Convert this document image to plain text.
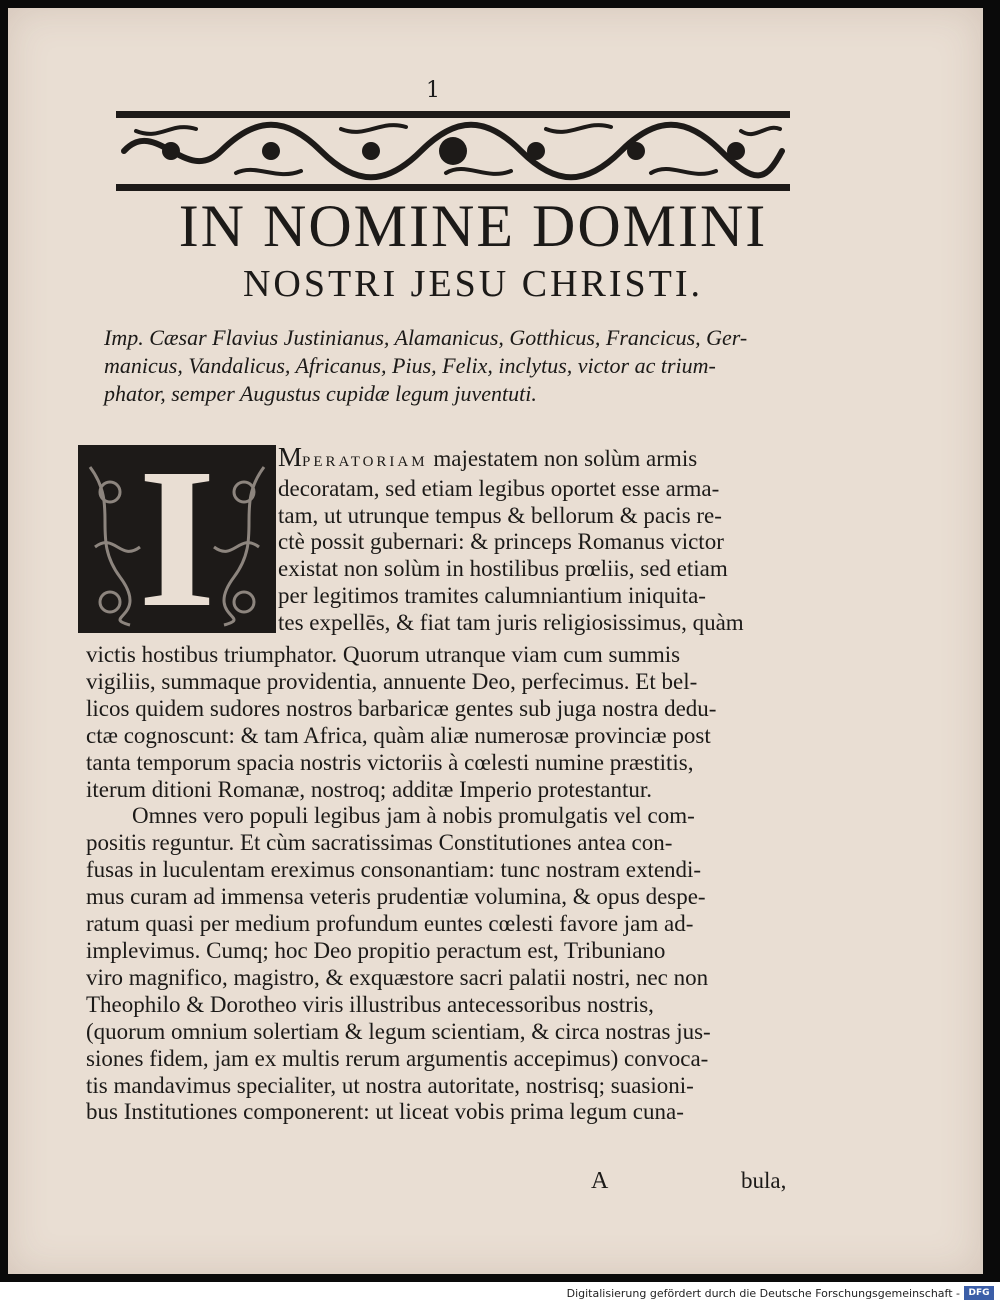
1
IN NOMINE DOMINI
NOSTRI JESU CHRISTI.
Imp. Cæsar Flavius Justinianus, Alamanicus, Gotthicus, Francicus, Ger-
manicus, Vandalicus, Africanus, Pius, Felix, inclytus, victor ac trium-
phator, semper Augustus cupidæ legum juventuti.
I	MPERATORIAM majestatem non solùm armis
decoratam, sed etiam legibus oportet esse arma-
tam, ut utrunque tempus & bellorum & pacis re-
ctè possit gubernari: & princeps Romanus victor
existat non solùm in hostilibus prœliis, sed etiam
per legitimos tramites calumniantium iniquita-
tes expellēs, & fiat tam juris religiosissimus, quàm
victis hostibus triumphator. Quorum utranque viam cum summis
vigiliis, summaque providentia, annuente Deo, perfecimus. Et bel-
licos quidem sudores nostros barbaricæ gentes sub juga nostra dedu-
ctæ cognoscunt: & tam Africa, quàm aliæ numerosæ provinciæ post
tanta temporum spacia nostris victoriis à cœlesti numine præstitis,
iterum ditioni Romanæ, nostroq; additæ Imperio protestantur.
Omnes vero populi legibus jam à nobis promulgatis vel com-
positis reguntur. Et cùm sacratissimas Constitutiones antea con-
fusas in luculentam ereximus consonantiam: tunc nostram extendi-
mus curam ad immensa veteris prudentiæ volumina, & opus despe-
ratum quasi per medium profundum euntes cœlesti favore jam ad-
implevimus. Cumq; hoc Deo propitio peractum est, Tribuniano
viro magnifico, magistro, & exquæstore sacri palatii nostri, nec non
Theophilo & Dorotheo viris illustribus antecessoribus nostris,
(quorum omnium solertiam & legum scientiam, & circa nostras jus-
siones fidem, jam ex multis rerum argumentis accepimus) convoca-
tis mandavimus specialiter, ut nostra autoritate, nostrisq; suasioni-
bus Institutiones componerent: ut liceat vobis prima legum cuna-
A	bula,
Digitalisierung gefördert durch die Deutsche Forschungsgemeinschaft - DFG
